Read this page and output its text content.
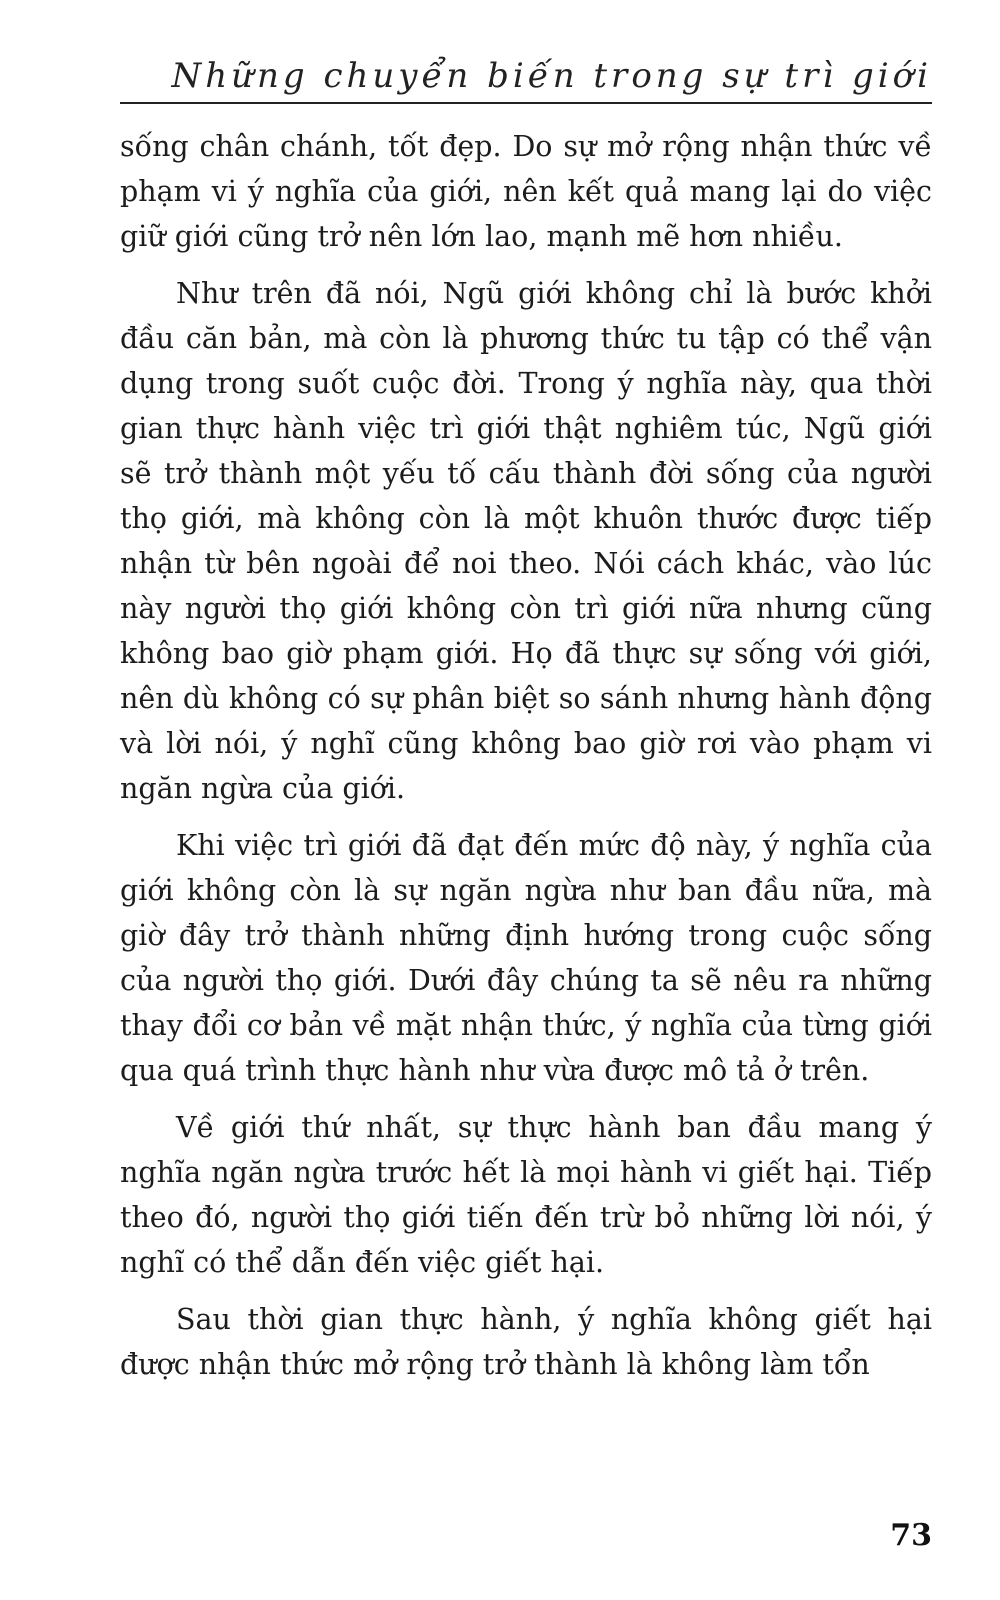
Những chuyển biến trong sự trì giới

sống chân chánh, tốt đẹp. Do sự mở rộng nhận thức về phạm vi ý nghĩa của giới, nên kết quả mang lại do việc giữ giới cũng trở nên lớn lao, mạnh mẽ hơn nhiều.

Như trên đã nói, Ngũ giới không chỉ là bước khởi đầu căn bản, mà còn là phương thức tu tập có thể vận dụng trong suốt cuộc đời. Trong ý nghĩa này, qua thời gian thực hành việc trì giới thật nghiêm túc, Ngũ giới sẽ trở thành một yếu tố cấu thành đời sống của người thọ giới, mà không còn là một khuôn thước được tiếp nhận từ bên ngoài để noi theo. Nói cách khác, vào lúc này người thọ giới không còn trì giới nữa nhưng cũng không bao giờ phạm giới. Họ đã thực sự sống với giới, nên dù không có sự phân biệt so sánh nhưng hành động và lời nói, ý nghĩ cũng không bao giờ rơi vào phạm vi ngăn ngừa của giới.

Khi việc trì giới đã đạt đến mức độ này, ý nghĩa của giới không còn là sự ngăn ngừa như ban đầu nữa, mà giờ đây trở thành những định hướng trong cuộc sống của người thọ giới. Dưới đây chúng ta sẽ nêu ra những thay đổi cơ bản về mặt nhận thức, ý nghĩa của từng giới qua quá trình thực hành như vừa được mô tả ở trên.

Về giới thứ nhất, sự thực hành ban đầu mang ý nghĩa ngăn ngừa trước hết là mọi hành vi giết hại. Tiếp theo đó, người thọ giới tiến đến trừ bỏ những lời nói, ý nghĩ có thể dẫn đến việc giết hại.

Sau thời gian thực hành, ý nghĩa không giết hại được nhận thức mở rộng trở thành là không làm tổn

73
